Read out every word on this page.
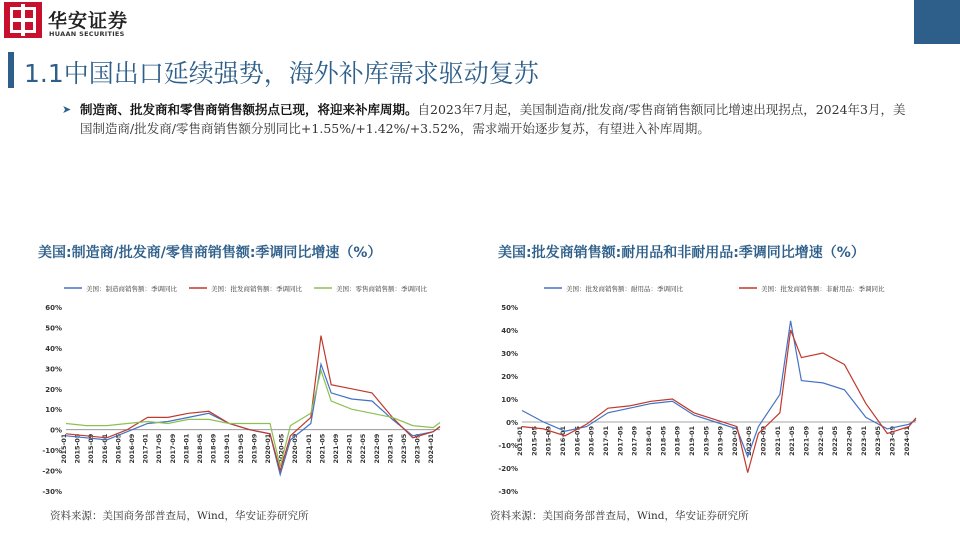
华安证券
HUAAN SECURITIES
1.1中国出口延续强势，海外补库需求驱动复苏
➤ 制造商、批发商和零售商销售额拐点已现，将迎来补库周期。自2023年7月起，美国制造商/批发商/零售商销售额同比增速出现拐点，2024年3月，美国制造商/批发商/零售商销售额分别同比+1.55%/+1.42%/+3.52%，需求端开始逐步复苏，有望进入补库周期。
美国:制造商/批发商/零售商销售额:季调同比增速（%）	美国:批发商销售额:耐用品和非耐用品:季调同比增速（%）
美国：制造商销售额：季调同比	美国：批发商销售额：季调同比	美国：零售商销售额：季调同比
-30%
-20%
-10%
0%
10%
20%
30%
40%
50%
60%
2015-01 2015-05 2015-09 2016-01 2016-05 2016-09 2017-01 2017-05 2017-09 2018-01 2018-05 2018-09 2019-01 2019-05 2019-09 2020-01 2020-05 2020-09 2021-01 2021-05 2021-09 2022-01 2022-05 2022-09 2023-01 2023-05 2023-09 2024-01
美国：批发商销售额：耐用品：季调同比	美国：批发商销售额：非耐用品：季调同比
-30%
-20%
-10%
0%
10%
20%
30%
40%
50%
2015-01 2015-05 2015-09 2016-01 2016-05 2016-09 2017-01 2017-05 2017-09 2018-01 2018-05 2018-09 2019-01 2019-05 2019-09 2020-01 2020-05 2020-09 2021-01 2021-05 2021-09 2022-01 2022-05 2022-09 2023-01 2023-05 2023-09 2024-01
资料来源：美国商务部普查局，Wind，华安证券研究所	资料来源：美国商务部普查局，Wind，华安证券研究所
